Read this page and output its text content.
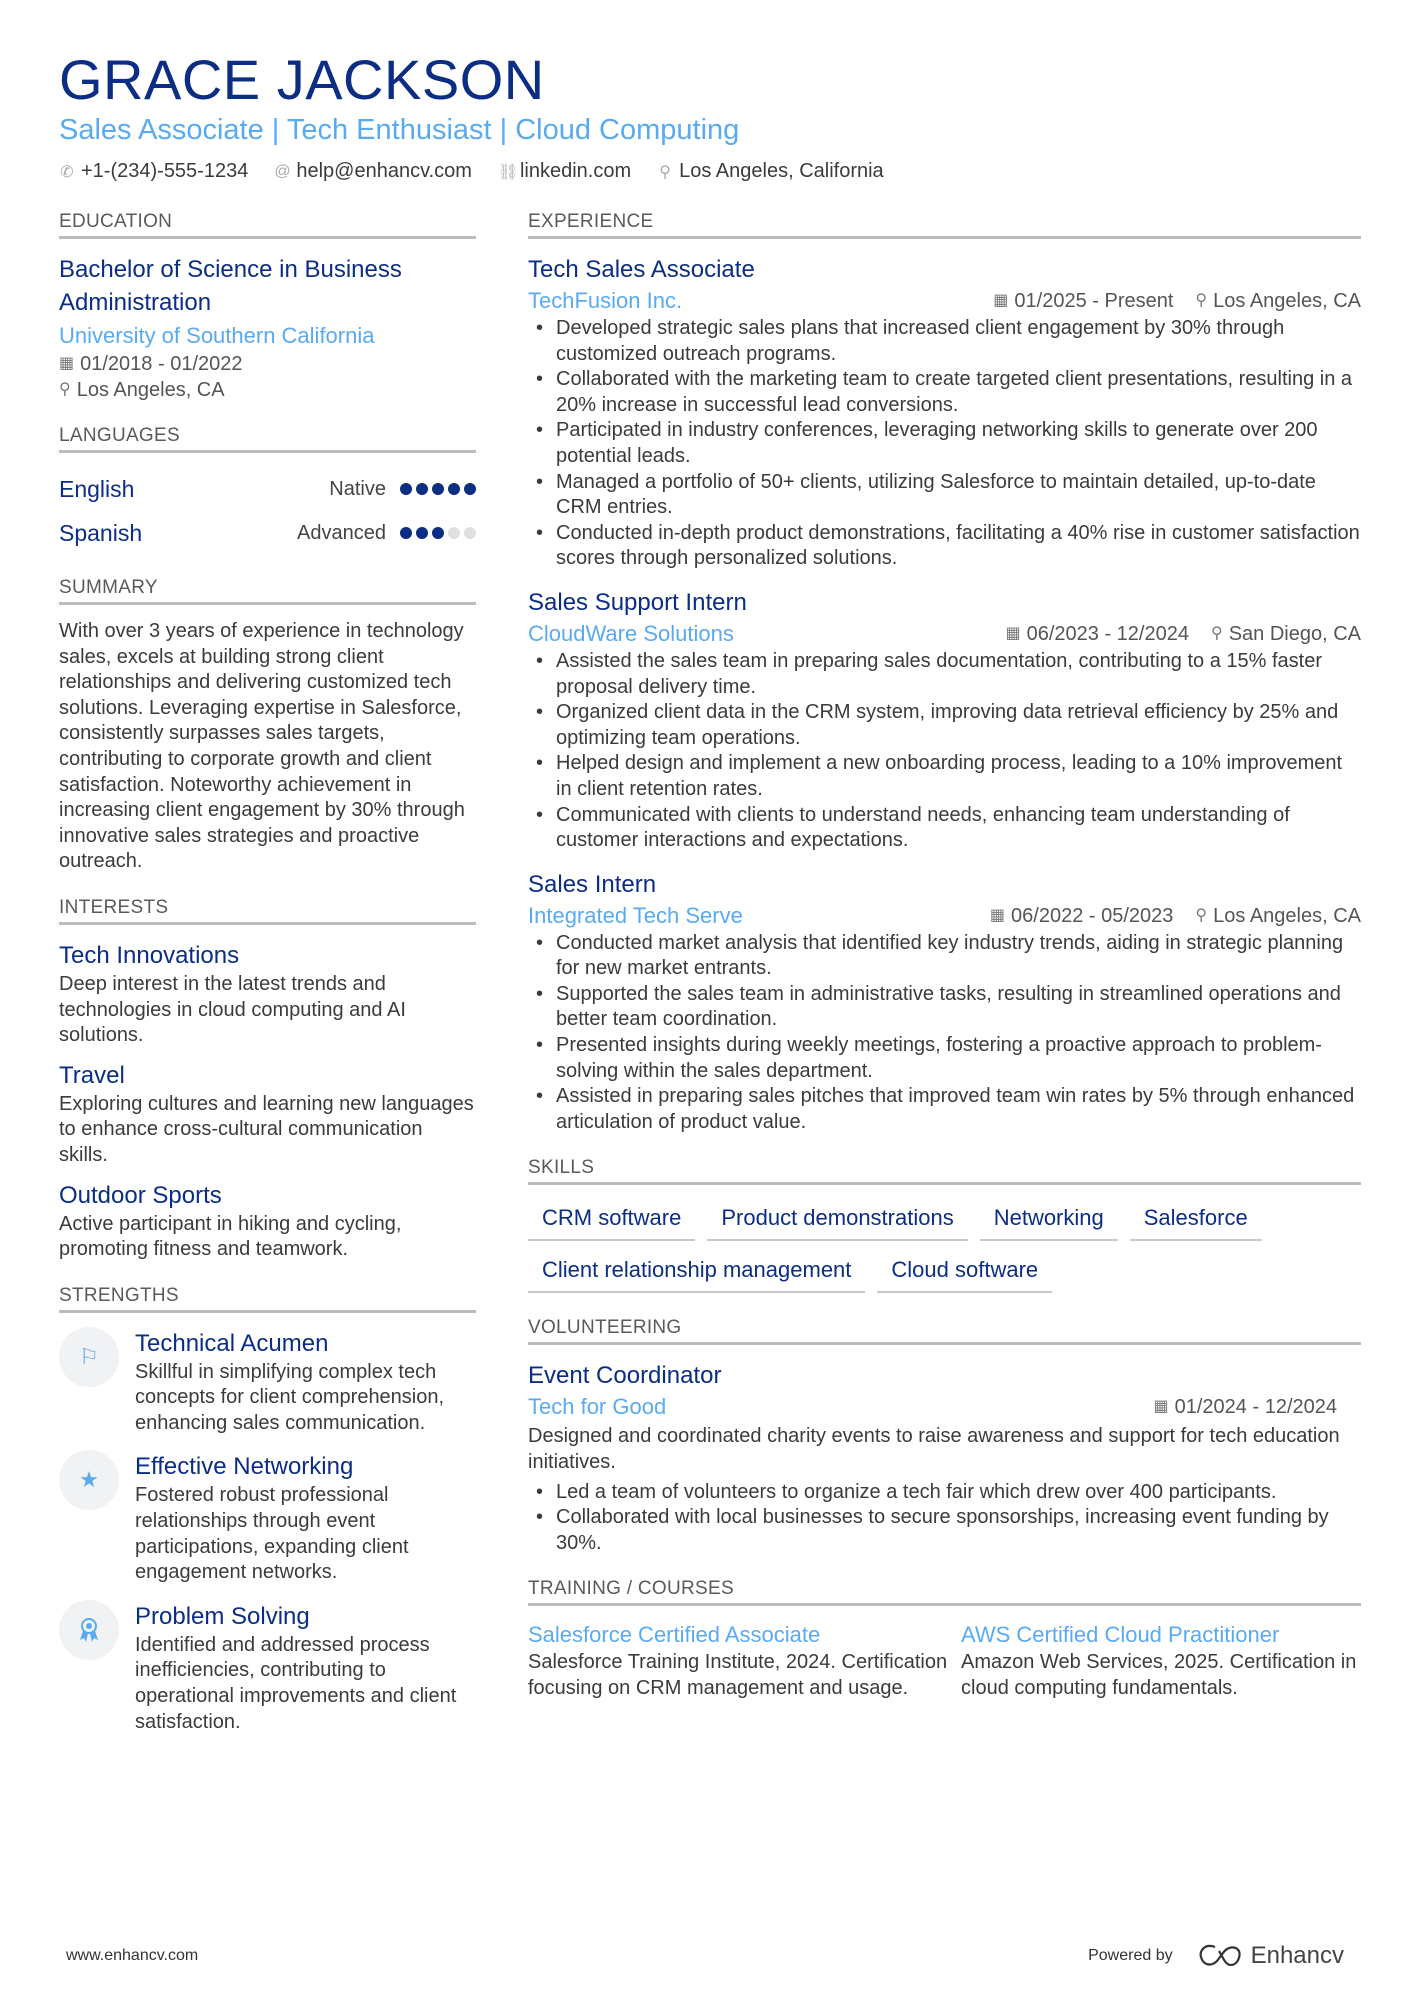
GRACE JACKSON
Sales Associate | Tech Enthusiast | Cloud Computing
✆ +1-(234)-555-1234 @ help@enhancv.com ⛓ linkedin.com ⚲ Los Angeles, California
EDUCATION
Bachelor of Science in Business Administration
University of Southern California
▦ 01/2018 - 01/2022
⚲ Los Angeles, CA
LANGUAGES
English	Native
Spanish	Advanced
SUMMARY
With over 3 years of experience in technology sales, excels at building strong client relationships and delivering customized tech solutions. Leveraging expertise in Salesforce, consistently surpasses sales targets, contributing to corporate growth and client satisfaction. Noteworthy achievement in increasing client engagement by 30% through innovative sales strategies and proactive outreach.
INTERESTS
Tech Innovations
Deep interest in the latest trends and technologies in cloud computing and AI solutions.
Travel
Exploring cultures and learning new languages to enhance cross-cultural communication skills.
Outdoor Sports
Active participant in hiking and cycling, promoting fitness and teamwork.
STRENGTHS
⚐	Technical Acumen
Skillful in simplifying complex tech concepts for client comprehension, enhancing sales communication.
★	Effective Networking
Fostered robust professional relationships through event participations, expanding client engagement networks.
Problem Solving
Identified and addressed process inefficiencies, contributing to operational improvements and client satisfaction.
EXPERIENCE
Tech Sales Associate
TechFusion Inc.	▦ 01/2025 - Present ⚲ Los Angeles, CA
• Developed strategic sales plans that increased client engagement by 30% through customized outreach programs.
• Collaborated with the marketing team to create targeted client presentations, resulting in a 20% increase in successful lead conversions.
• Participated in industry conferences, leveraging networking skills to generate over 200 potential leads.
• Managed a portfolio of 50+ clients, utilizing Salesforce to maintain detailed, up-to-date CRM entries.
• Conducted in-depth product demonstrations, facilitating a 40% rise in customer satisfaction scores through personalized solutions.
Sales Support Intern
CloudWare Solutions	▦ 06/2023 - 12/2024 ⚲ San Diego, CA
• Assisted the sales team in preparing sales documentation, contributing to a 15% faster proposal delivery time.
• Organized client data in the CRM system, improving data retrieval efficiency by 25% and optimizing team operations.
• Helped design and implement a new onboarding process, leading to a 10% improvement in client retention rates.
• Communicated with clients to understand needs, enhancing team understanding of customer interactions and expectations.
Sales Intern
Integrated Tech Serve	▦ 06/2022 - 05/2023 ⚲ Los Angeles, CA
• Conducted market analysis that identified key industry trends, aiding in strategic planning for new market entrants.
• Supported the sales team in administrative tasks, resulting in streamlined operations and better team coordination.
• Presented insights during weekly meetings, fostering a proactive approach to problem-solving within the sales department.
• Assisted in preparing sales pitches that improved team win rates by 5% through enhanced articulation of product value.
SKILLS
CRM software	Product demonstrations	Networking	Salesforce
Client relationship management	Cloud software
VOLUNTEERING
Event Coordinator
Tech for Good	▦ 01/2024 - 12/2024
Designed and coordinated charity events to raise awareness and support for tech education initiatives.
• Led a team of volunteers to organize a tech fair which drew over 400 participants.
• Collaborated with local businesses to secure sponsorships, increasing event funding by 30%.
TRAINING / COURSES
Salesforce Certified Associate
Salesforce Training Institute, 2024. Certification focusing on CRM management and usage.
AWS Certified Cloud Practitioner
Amazon Web Services, 2025. Certification in cloud computing fundamentals.
www.enhancv.com	Powered by	Enhancv
